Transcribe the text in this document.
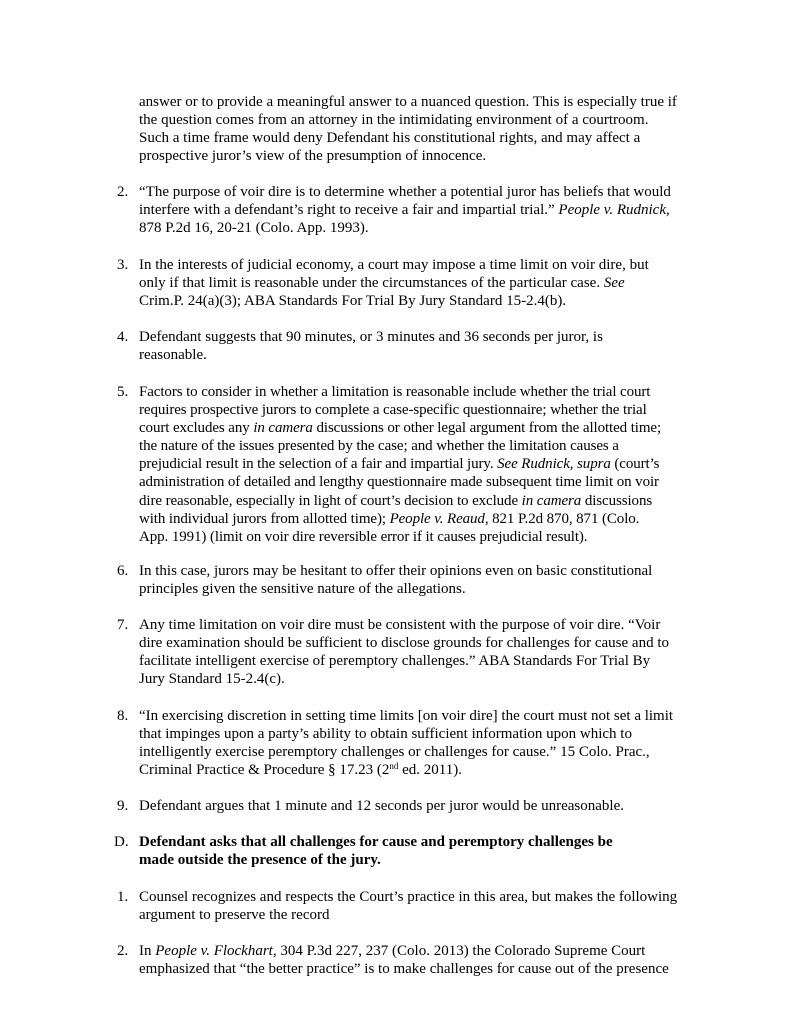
answer or to provide a meaningful answer to a nuanced question. This is especially true if
the question comes from an attorney in the intimidating environment of a courtroom.
Such a time frame would deny Defendant his constitutional rights, and may affect a
prospective juror’s view of the presumption of innocence.
2. “The purpose of voir dire is to determine whether a potential juror has beliefs that would
interfere with a defendant’s right to receive a fair and impartial trial.” People v. Rudnick,
878 P.2d 16, 20-21 (Colo. App. 1993).
3. In the interests of judicial economy, a court may impose a time limit on voir dire, but
only if that limit is reasonable under the circumstances of the particular case. See
Crim.P. 24(a)(3); ABA Standards For Trial By Jury Standard 15-2.4(b).
4. Defendant suggests that 90 minutes, or 3 minutes and 36 seconds per juror, is
reasonable.
5. Factors to consider in whether a limitation is reasonable include whether the trial court
requires prospective jurors to complete a case-specific questionnaire; whether the trial
court excludes any in camera discussions or other legal argument from the allotted time;
the nature of the issues presented by the case; and whether the limitation causes a
prejudicial result in the selection of a fair and impartial jury. See Rudnick, supra (court’s
administration of detailed and lengthy questionnaire made subsequent time limit on voir
dire reasonable, especially in light of court’s decision to exclude in camera discussions
with individual jurors from allotted time); People v. Reaud, 821 P.2d 870, 871 (Colo.
App. 1991) (limit on voir dire reversible error if it causes prejudicial result).
6. In this case, jurors may be hesitant to offer their opinions even on basic constitutional
principles given the sensitive nature of the allegations.
7. Any time limitation on voir dire must be consistent with the purpose of voir dire. “Voir
dire examination should be sufficient to disclose grounds for challenges for cause and to
facilitate intelligent exercise of peremptory challenges.” ABA Standards For Trial By
Jury Standard 15-2.4(c).
8. “In exercising discretion in setting time limits [on voir dire] the court must not set a limit
that impinges upon a party’s ability to obtain sufficient information upon which to
intelligently exercise peremptory challenges or challenges for cause.” 15 Colo. Prac.,
Criminal Practice & Procedure § 17.23 (2nd ed. 2011).
9. Defendant argues that 1 minute and 12 seconds per juror would be unreasonable.
D. Defendant asks that all challenges for cause and peremptory challenges be
made outside the presence of the jury.
1. Counsel recognizes and respects the Court’s practice in this area, but makes the following
argument to preserve the record
2. In People v. Flockhart, 304 P.3d 227, 237 (Colo. 2013) the Colorado Supreme Court
emphasized that “the better practice” is to make challenges for cause out of the presence
